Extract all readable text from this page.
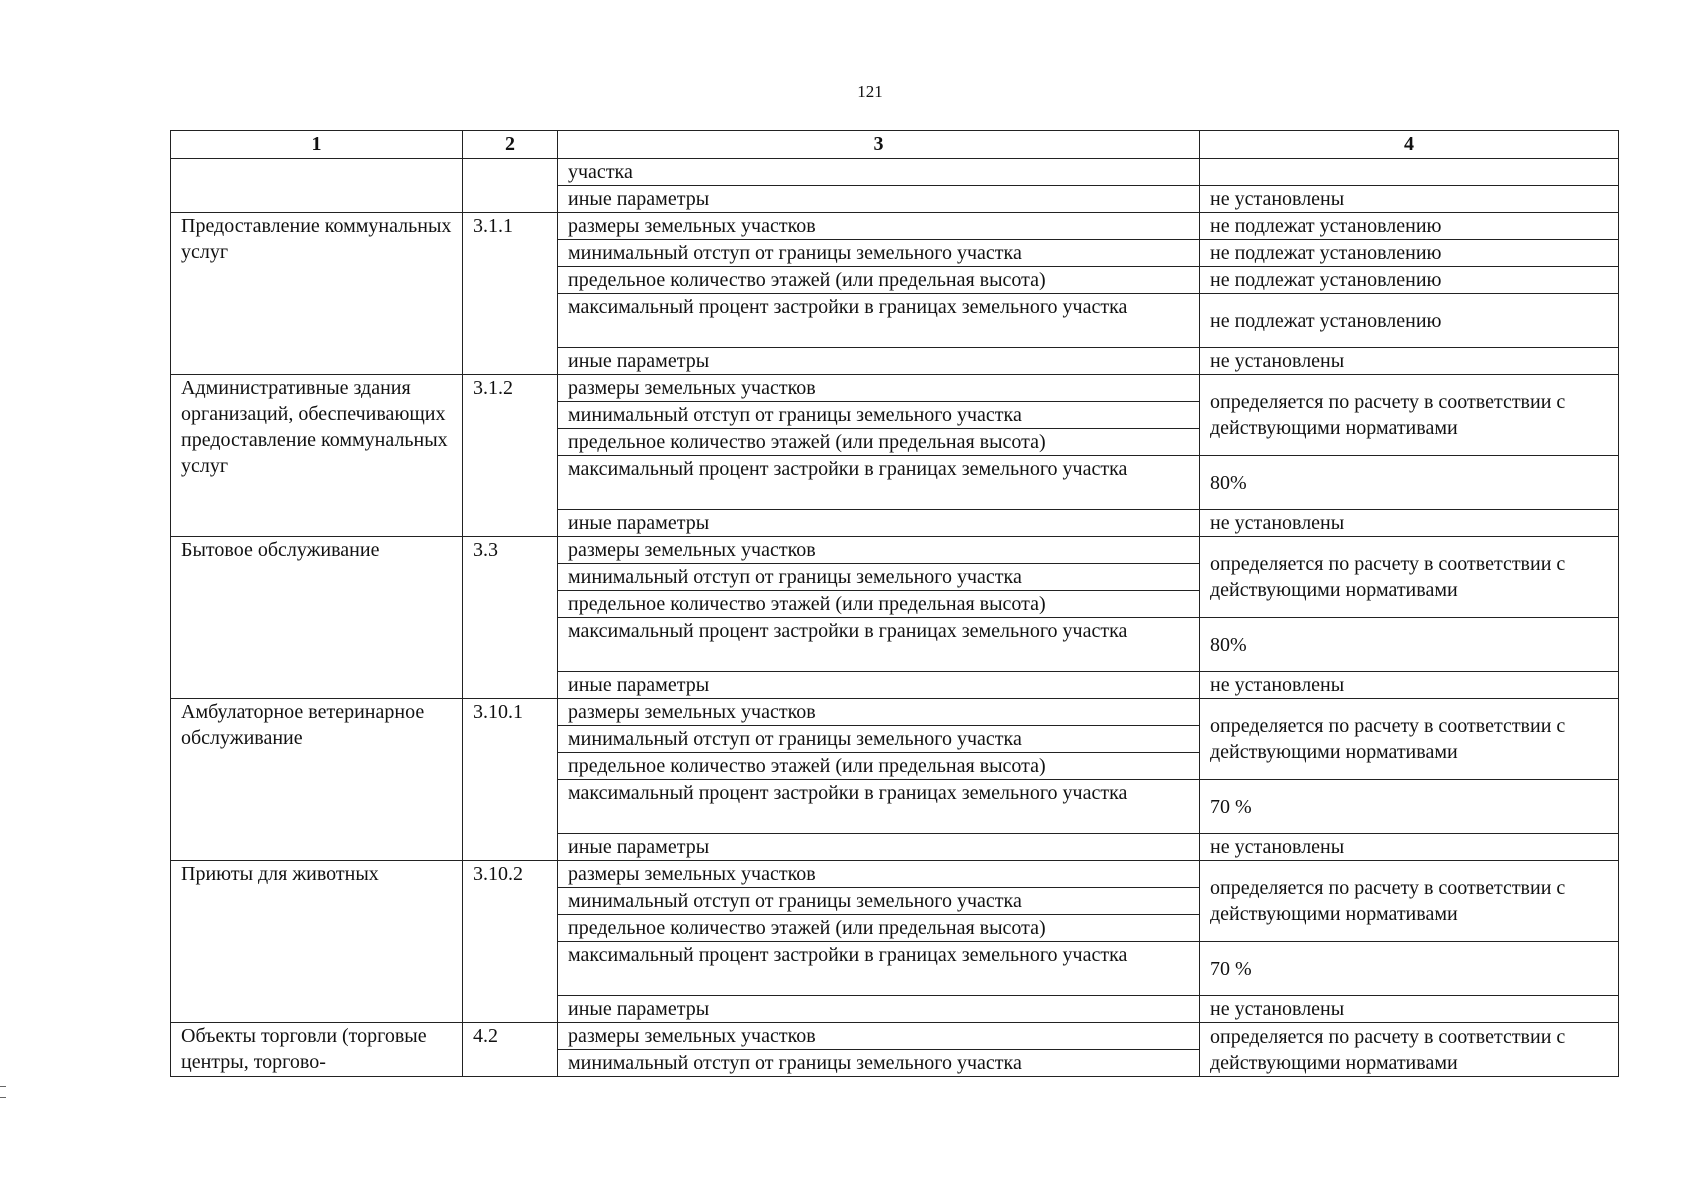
121
1	2	3	4
		участка	
		иные параметры	не установлены
Предоставление коммунальных услуг	3.1.1	размеры земельных участков	не подлежат установлению
		минимальный отступ от границы земельного участка	не подлежат установлению
		предельное количество этажей (или предельная высота)	не подлежат установлению
		максимальный процент застройки в границах земельного участка	не подлежат установлению
		иные параметры	не установлены
Административные здания организаций, обеспечивающих предоставление коммунальных услуг	3.1.2	размеры земельных участков	определяется по расчету в соответствии с действующими нормативами
		минимальный отступ от границы земельного участка	
		предельное количество этажей (или предельная высота)	
		максимальный процент застройки в границах земельного участка	80%
		иные параметры	не установлены
Бытовое обслуживание	3.3	размеры земельных участков	определяется по расчету в соответствии с действующими нормативами
		минимальный отступ от границы земельного участка	
		предельное количество этажей (или предельная высота)	
		максимальный процент застройки в границах земельного участка	80%
		иные параметры	не установлены
Амбулаторное ветеринарное обслуживание	3.10.1	размеры земельных участков	определяется по расчету в соответствии с действующими нормативами
		минимальный отступ от границы земельного участка	
		предельное количество этажей (или предельная высота)	
		максимальный процент застройки в границах земельного участка	70 %
		иные параметры	не установлены
Приюты для животных	3.10.2	размеры земельных участков	определяется по расчету в соответствии с действующими нормативами
		минимальный отступ от границы земельного участка	
		предельное количество этажей (или предельная высота)	
		максимальный процент застройки в границах земельного участка	70 %
		иные параметры	не установлены
Объекты торговли (торговые центры, торгово-	4.2	размеры земельных участков	определяется по расчету в соответствии с действующими нормативами
		минимальный отступ от границы земельного участка	
